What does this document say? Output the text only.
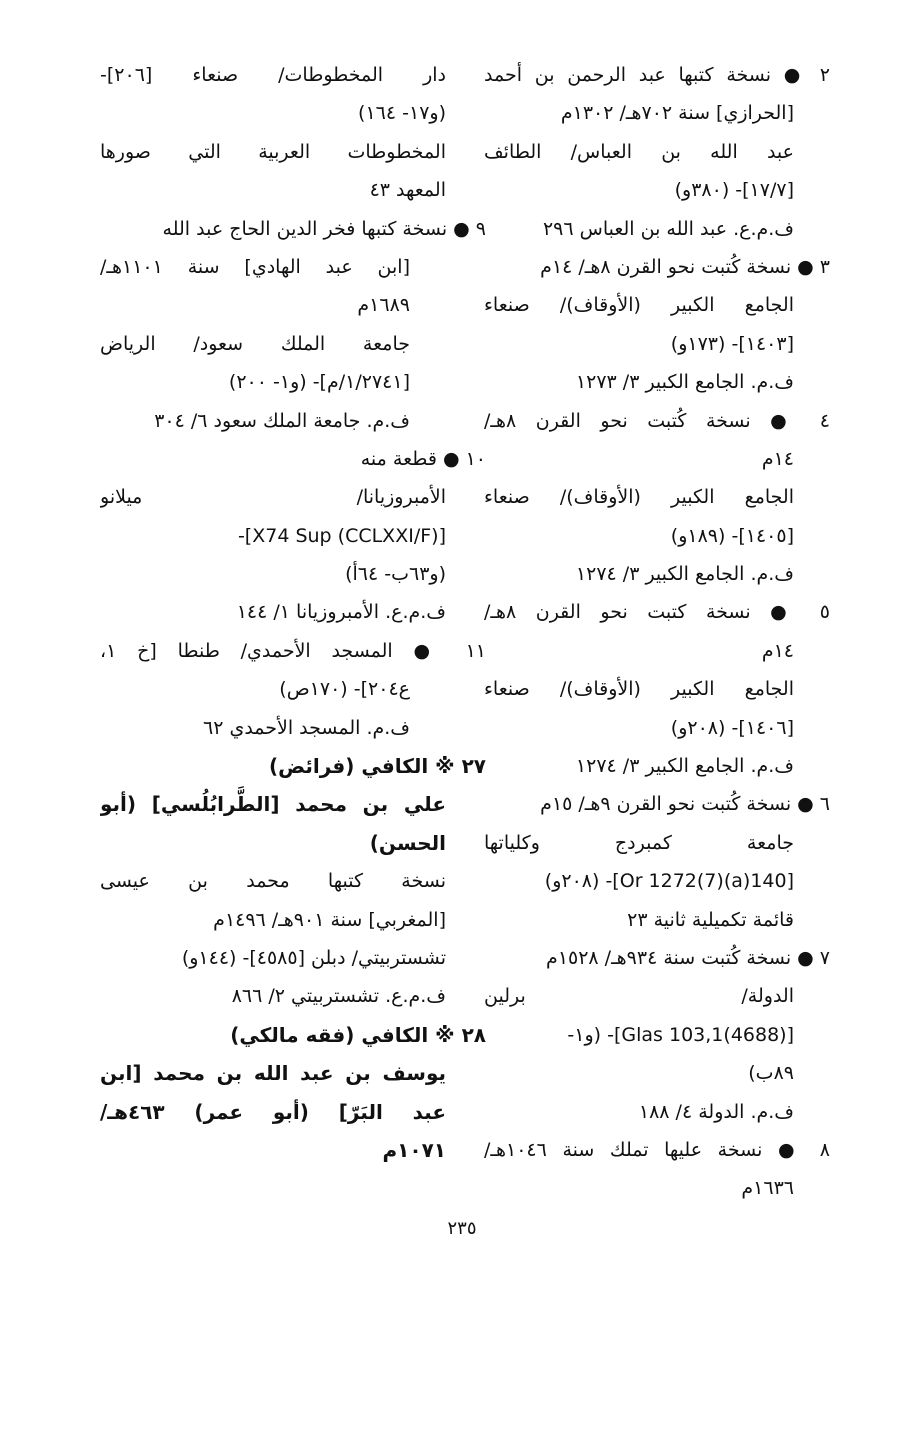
٢ ● نسخة كتبها عبد الرحمن بن أحمد
[الحرازي] سنة ٧٠٢هـ/ ١٣٠٢م
عبد الله بن العباس/ الطائف
[١٧/٧]- (٣٨٠و)
ف.م.ع. عبد الله بن العباس ٢٩٦
٣ ● نسخة كُتبت نحو القرن ٨هـ/ ١٤م
الجامع الكبير (الأوقاف)/ صنعاء
[١٤٠٣]- (١٧٣و)
ف.م. الجامع الكبير ٣/ ١٢٧٣
٤ ● نسخة كُتبت نحو القرن ٨هـ/
١٤م
الجامع الكبير (الأوقاف)/ صنعاء
[١٤٠٥]- (١٨٩و)
ف.م. الجامع الكبير ٣/ ١٢٧٤
٥ ● نسخة كتبت نحو القرن ٨هـ/
١٤م
الجامع الكبير (الأوقاف)/ صنعاء
[١٤٠٦]- (٢٠٨و)
ف.م. الجامع الكبير ٣/ ١٢٧٤
٦ ● نسخة كُتبت نحو القرن ٩هـ/ ١٥م
جامعة كمبردج وكلياتها
[140(a)Or 1272(7)]- (٢٠٨و)
قائمة تكميلية ثانية ٢٣
٧ ● نسخة كُتبت سنة ٩٣٤هـ/ ١٥٢٨م
الدولة/ برلين
[(4688)Glas 103,1]- (و١-
٨٩ب)
ف.م. الدولة ٤/ ١٨٨
٨ ● نسخة عليها تملك سنة ١٠٤٦هـ/
١٦٣٦م
دار المخطوطات/ صنعاء [٢٠٦]-
(و١٧- ١٦٤)
المخطوطات العربية التي صورها
المعهد ٤٣
٩ ● نسخة كتبها فخر الدين الحاج عبد الله
[ابن عبد الهادي] سنة ١١٠١هـ/
١٦٨٩م
جامعة الملك سعود/ الرياض
[١/٢٧٤١/م]- (و١- ٢٠٠)
ف.م. جامعة الملك سعود ٦/ ٣٠٤
١٠ ● قطعة منه
الأمبروزيانا/ ميلانو
[X74 Sup (CCLXXI/F)]-
(و٦٣ب- ٦٤أ)
ف.م.ع. الأمبروزيانا ١/ ١٤٤
١١ ● المسجد الأحمدي/ طنطا [خ ١،
ع٢٠٤]- (١٧٠ص)
ف.م. المسجد الأحمدي ٦٢
٢٧ ※ الكافي (فرائض)
علي بن محمد [الطَّرابُلُسي] (أبو
الحسن)
نسخة كتبها محمد بن عيسى
[المغربي] سنة ٩٠١هـ/ ١٤٩٦م
تشستربيتي/ دبلن [٤٥٨٥]- (١٤٤و)
ف.م.ع. تشستربيتي ٢/ ٨٦٦
٢٨ ※ الكافي (فقه مالكي)
يوسف بن عبد الله بن محمد [ابن
عبد البَرّ] (أبو عمر) ٤٦٣هـ/
١٠٧١م
٢٣٥
